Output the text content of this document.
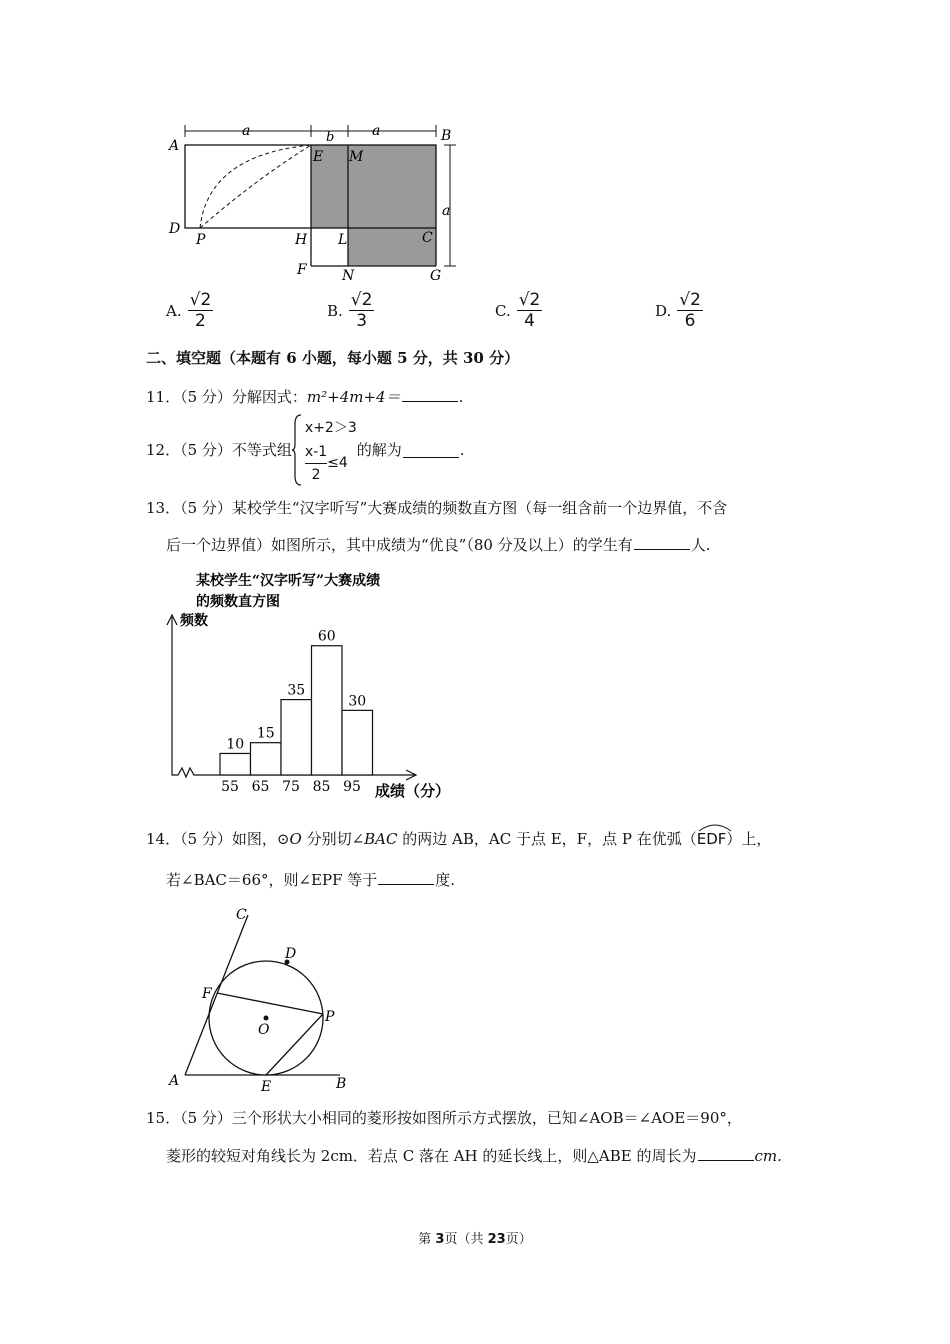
a	b	a
a
A
B
E M
D
P	H L	C
F	N	G
A. $\frac{√2}{2}$	B. $\frac{√2}{3}$	C. $\frac{√2}{4}$	D. $\frac{√2}{6}$
二、填空题（本题有 6 小题，每小题 5 分，共 30 分）
11．（5 分）分解因式：m²+4m+4＝	.
12．（5 分）不等式组
x+2＞3
$\frac{x-1}{2} \le 4$
的解为	.
13．（5 分）某校学生“汉字听写”大赛成绩的频数直方图（每一组含前一个边界值，不含
后一个边界值）如图所示，其中成绩为“优良”（80 分及以上）的学生有	人.
某校学生“汉字听写”大赛成绩
的频数直方图
频数
10
15
35
60
30
55 65 75 85 95 成绩（分）
14．（5 分）如图，⊙O 分别切∠BAC 的两边 AB，AC 于点 E，F，点 P 在优弧（
EDF）上，
若∠BAC＝66°，则∠EPF 等于	度.
C
D
F
O
P
A	E	B
15．（5 分）三个形状大小相同的菱形按如图所示方式摆放，已知∠AOB＝∠AOE＝90°，
菱形的较短对角线长为 2cm．若点 C 落在 AH 的延长线上，则△ABE 的周长为	cm.
第 3页（共 23页）
